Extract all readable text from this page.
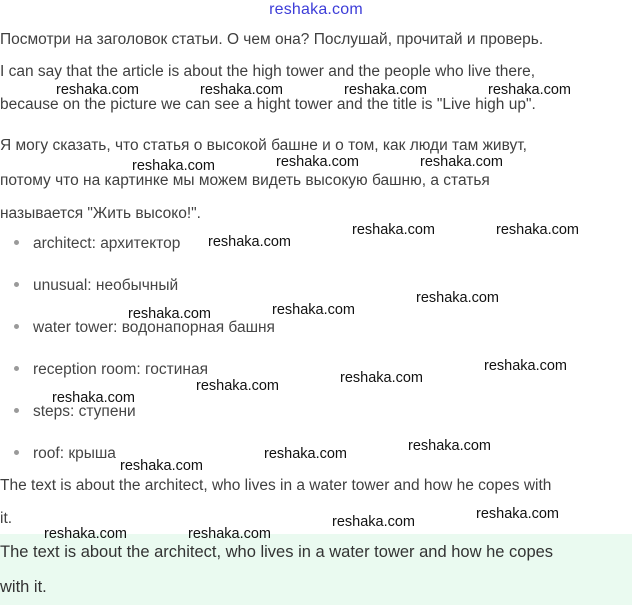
reshaka.com
Посмотри на заголовок статьи. О чем она? Послушай, прочитай и проверь.
I can say that the article is about the high tower and the people who live there,
because on the picture we can see a hight tower and the title is "Live high up".
Я могу сказать, что статья о высокой башне и о том, как люди там живут,
потому что на картинке мы можем видеть высокую башню, а статья
называется "Жить высоко!".
architect: архитектор
unusual: необычный
water tower: водонапорная башня
reception room: гостиная
steps: ступени
roof: крыша
The text is about the architect, who lives in a water tower and how he copes with
it.
The text is about the architect, who lives in a water tower and how he copes
with it.
reshaka.com	reshaka.com	reshaka.com	reshaka.com
reshaka.com	reshaka.com	reshaka.com
reshaka.com
reshaka.com	reshaka.com
reshaka.com
reshaka.com
reshaka.com
reshaka.com
reshaka.com
reshaka.com
reshaka.com
reshaka.com
reshaka.com
reshaka.com
reshaka.com
reshaka.com
reshaka.com
reshaka.com
